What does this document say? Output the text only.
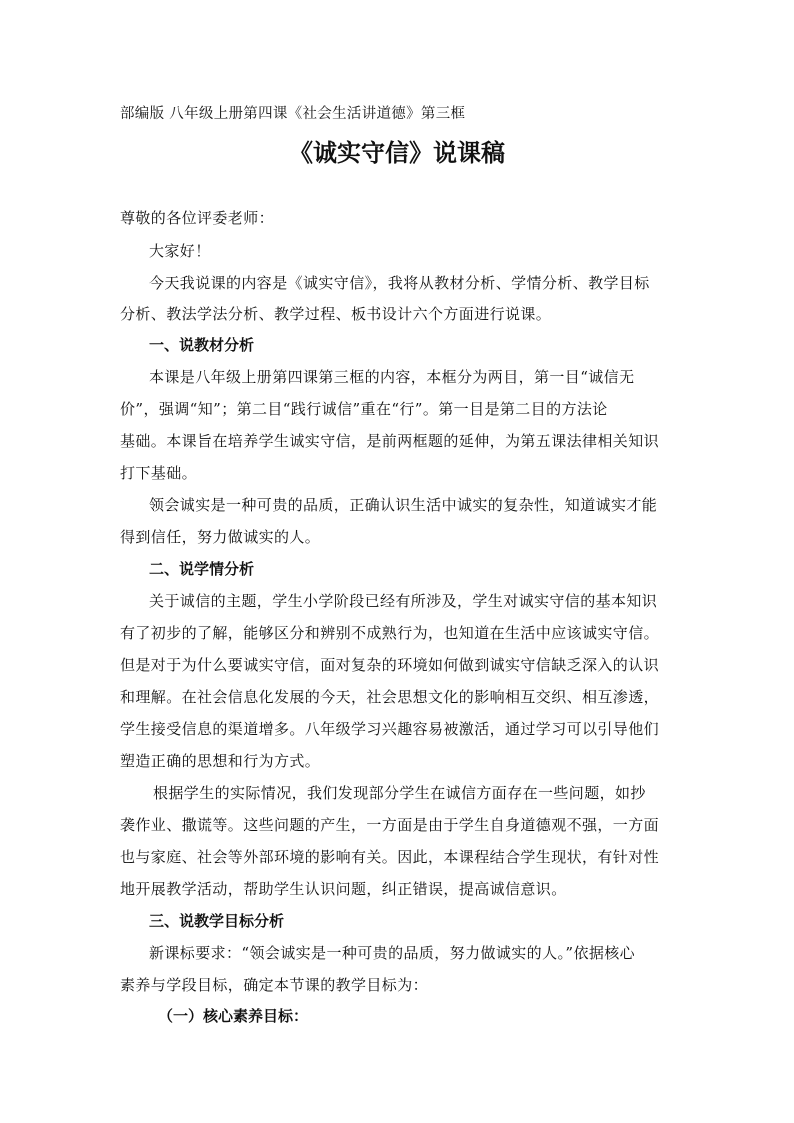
部编版 八年级上册第四课《社会生活讲道德》第三框
《诚实守信》说课稿
尊敬的各位评委老师：
大家好！
今天我说课的内容是《诚实守信》，我将从教材分析、学情分析、教学目标
分析、教法学法分析、教学过程、板书设计六个方面进行说课。
一、说教材分析
本课是八年级上册第四课第三框的内容，本框分为两目，第一目“诚信无
价”，强调“知”；第二目“践行诚信”重在“行”。第一目是第二目的方法论
基础。本课旨在培养学生诚实守信，是前两框题的延伸，为第五课法律相关知识
打下基础。
领会诚实是一种可贵的品质，正确认识生活中诚实的复杂性，知道诚实才能
得到信任，努力做诚实的人。
二、说学情分析
关于诚信的主题，学生小学阶段已经有所涉及，学生对诚实守信的基本知识
有了初步的了解，能够区分和辨别不成熟行为，也知道在生活中应该诚实守信。
但是对于为什么要诚实守信，面对复杂的环境如何做到诚实守信缺乏深入的认识
和理解。在社会信息化发展的今天，社会思想文化的影响相互交织、相互渗透，
学生接受信息的渠道增多。八年级学习兴趣容易被激活，通过学习可以引导他们
塑造正确的思想和行为方式。
根据学生的实际情况，我们发现部分学生在诚信方面存在一些问题，如抄
袭作业、撒谎等。这些问题的产生，一方面是由于学生自身道德观不强，一方面
也与家庭、社会等外部环境的影响有关。因此，本课程结合学生现状，有针对性
地开展教学活动，帮助学生认识问题，纠正错误，提高诚信意识。
三、说教学目标分析
新课标要求：“领会诚实是一种可贵的品质，努力做诚实的人。”依据核心
素养与学段目标，确定本节课的教学目标为：
（一）核心素养目标：
